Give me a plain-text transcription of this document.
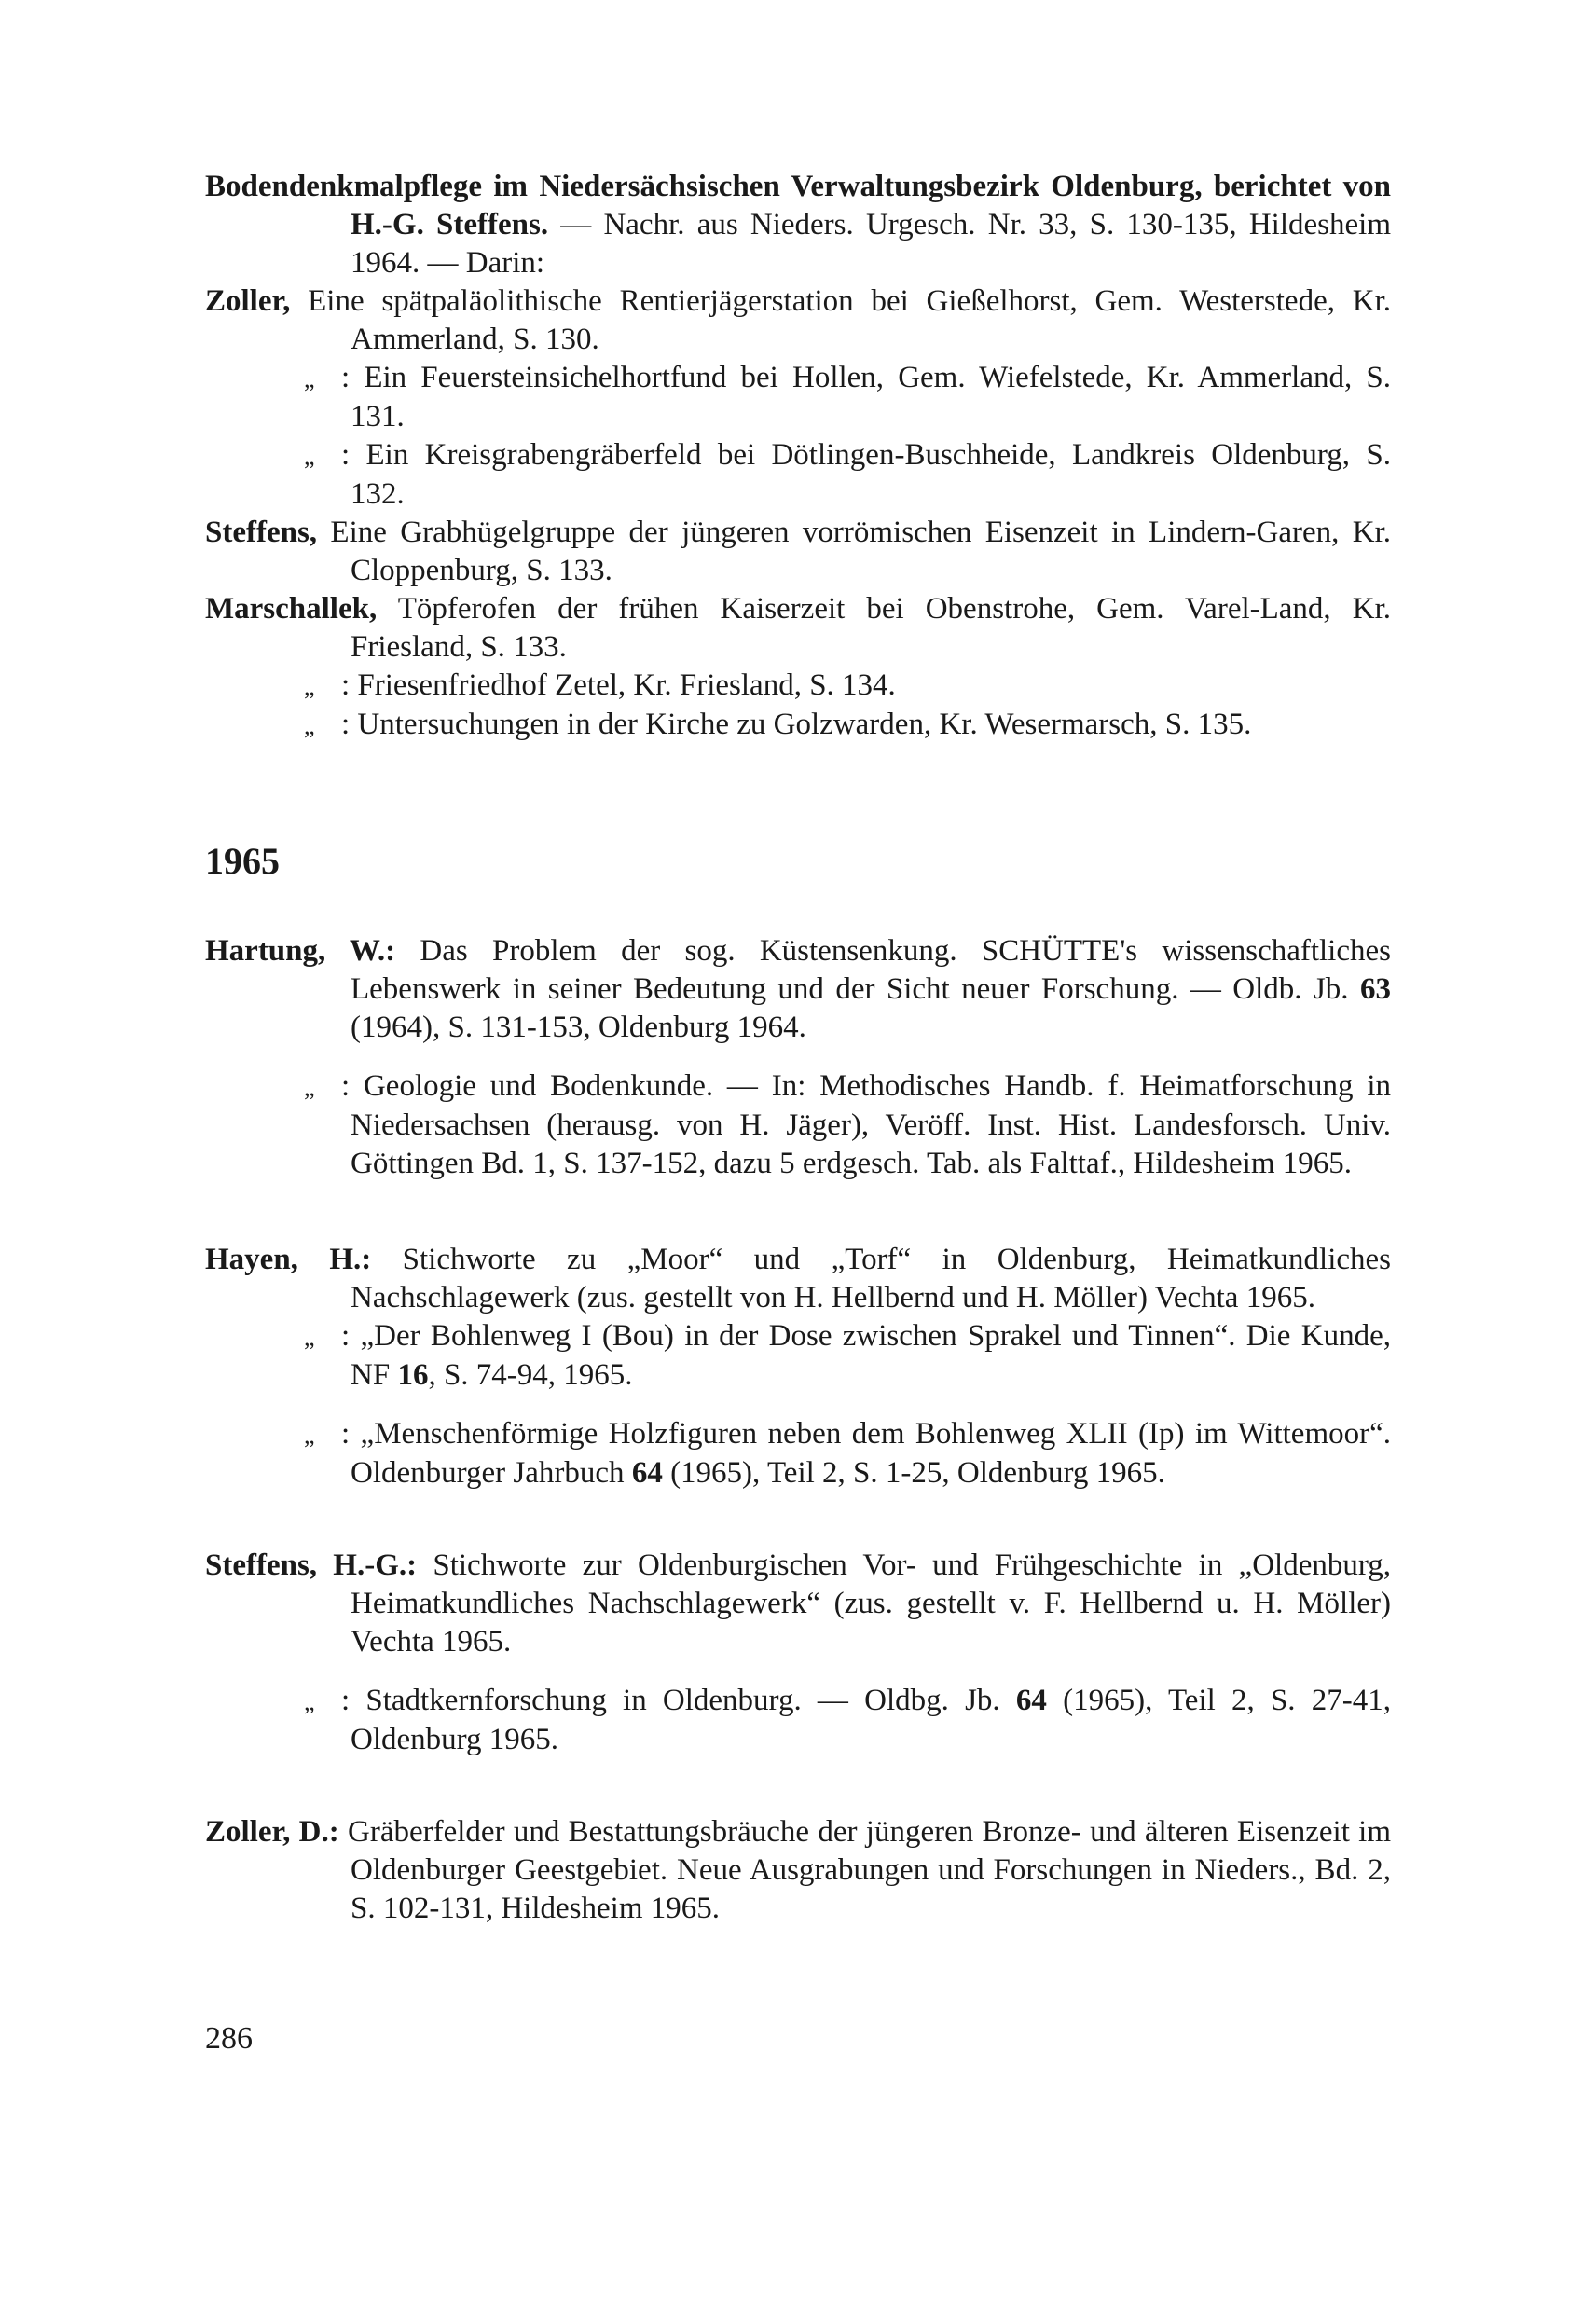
Bodendenkmalpflege im Niedersächsischen Verwaltungsbezirk Oldenburg, berichtet von H.-G. Steffens. — Nachr. aus Nieders. Urgesch. Nr. 33, S. 130-135, Hildesheim 1964. — Darin:

Zoller, Eine spätpaläolithische Rentierjägerstation bei Gießelhorst, Gem. Westerstede, Kr. Ammerland, S. 130.

„ : Ein Feuersteinsichelhortfund bei Hollen, Gem. Wiefelstede, Kr. Ammerland, S. 131.

„ : Ein Kreisgrabengräberfeld bei Dötlingen-Buschheide, Landkreis Oldenburg, S. 132.

Steffens, Eine Grabhügelgruppe der jüngeren vorrömischen Eisenzeit in Lindern-Garen, Kr. Cloppenburg, S. 133.

Marschallek, Töpferofen der frühen Kaiserzeit bei Obenstrohe, Gem. Varel-Land, Kr. Friesland, S. 133.

„ : Friesenfriedhof Zetel, Kr. Friesland, S. 134.

„ : Untersuchungen in der Kirche zu Golzwarden, Kr. Wesermarsch, S. 135.

1965

Hartung, W.: Das Problem der sog. Küstensenkung. SCHÜTTE's wissenschaftliches Lebenswerk in seiner Bedeutung und der Sicht neuer Forschung. — Oldb. Jb. 63 (1964), S. 131-153, Oldenburg 1964.

„ : Geologie und Bodenkunde. — In: Methodisches Handb. f. Heimatforschung in Niedersachsen (herausg. von H. Jäger), Veröff. Inst. Hist. Landesforsch. Univ. Göttingen Bd. 1, S. 137-152, dazu 5 erdgesch. Tab. als Falttaf., Hildesheim 1965.

Hayen, H.: Stichworte zu „Moor“ und „Torf“ in Oldenburg, Heimatkundliches Nachschlagewerk (zus. gestellt von H. Hellbernd und H. Möller) Vechta 1965.

„ : „Der Bohlenweg I (Bou) in der Dose zwischen Sprakel und Tinnen“. Die Kunde, NF 16, S. 74-94, 1965.

„ : „Menschenförmige Holzfiguren neben dem Bohlenweg XLII (Ip) im Wittemoor“. Oldenburger Jahrbuch 64 (1965), Teil 2, S. 1-25, Oldenburg 1965.

Steffens, H.-G.: Stichworte zur Oldenburgischen Vor- und Frühgeschichte in „Oldenburg, Heimatkundliches Nachschlagewerk“ (zus. gestellt v. F. Hellbernd u. H. Möller) Vechta 1965.

„ : Stadtkernforschung in Oldenburg. — Oldbg. Jb. 64 (1965), Teil 2, S. 27-41, Oldenburg 1965.

Zoller, D.: Gräberfelder und Bestattungsbräuche der jüngeren Bronze- und älteren Eisenzeit im Oldenburger Geestgebiet. Neue Ausgrabungen und Forschungen in Nieders., Bd. 2, S. 102-131, Hildesheim 1965.

286
